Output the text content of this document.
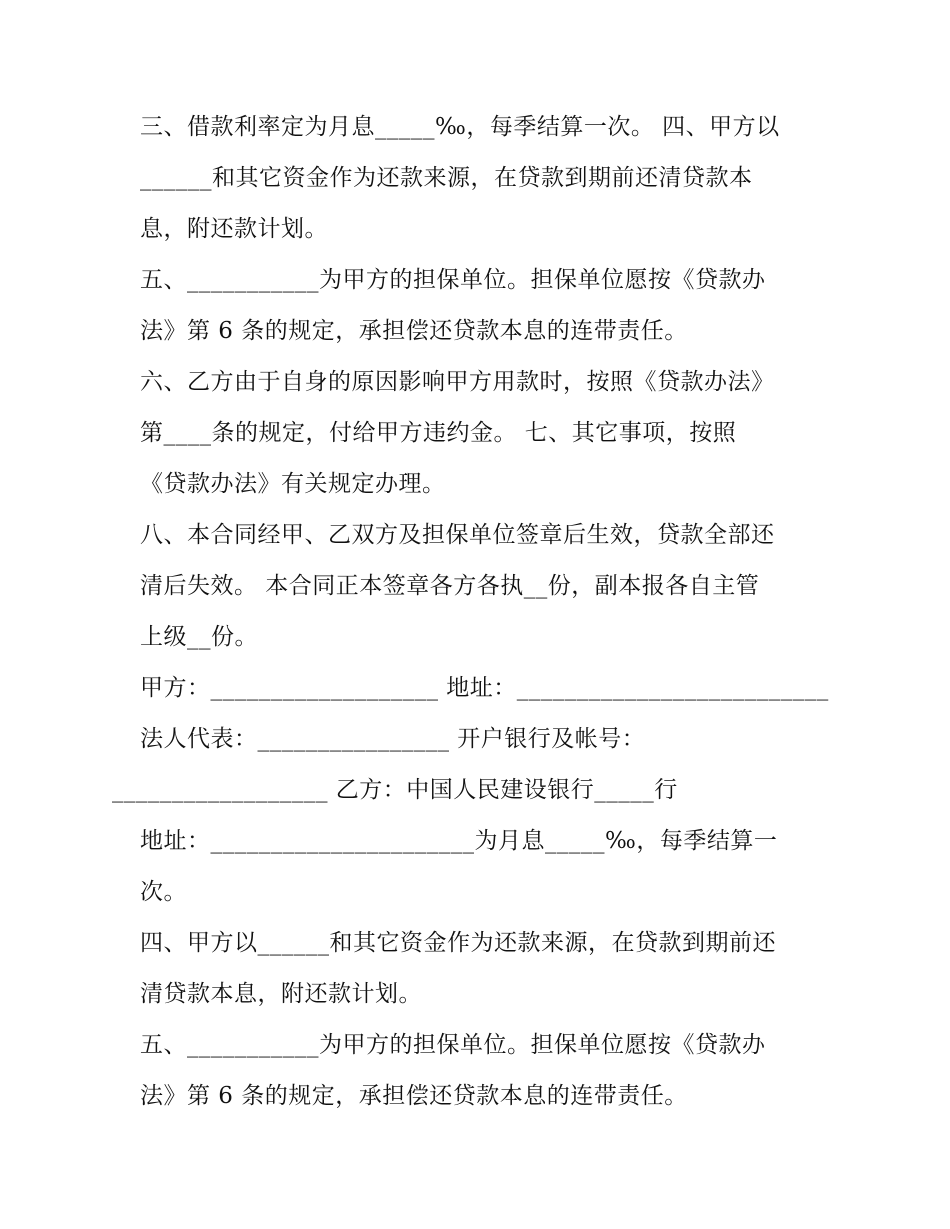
三、借款利率定为月息_____‰，每季结算一次。 四、甲方以
______和其它资金作为还款来源，在贷款到期前还清贷款本
息，附还款计划。
五、___________为甲方的担保单位。担保单位愿按《贷款办
法》第 6 条的规定，承担偿还贷款本息的连带责任。
六、乙方由于自身的原因影响甲方用款时，按照《贷款办法》
第____条的规定，付给甲方违约金。 七、其它事项，按照
《贷款办法》有关规定办理。
八、本合同经甲、乙双方及担保单位签章后生效，贷款全部还
清后失效。 本合同正本签章各方各执__份，副本报各自主管
上级__份。
甲方：___________________ 地址：__________________________
法人代表：________________ 开户银行及帐号：
__________________ 乙方：中国人民建设银行_____行
地址：______________________为月息_____‰，每季结算一
次。
四、甲方以______和其它资金作为还款来源，在贷款到期前还
清贷款本息，附还款计划。
五、___________为甲方的担保单位。担保单位愿按《贷款办
法》第 6 条的规定，承担偿还贷款本息的连带责任。
